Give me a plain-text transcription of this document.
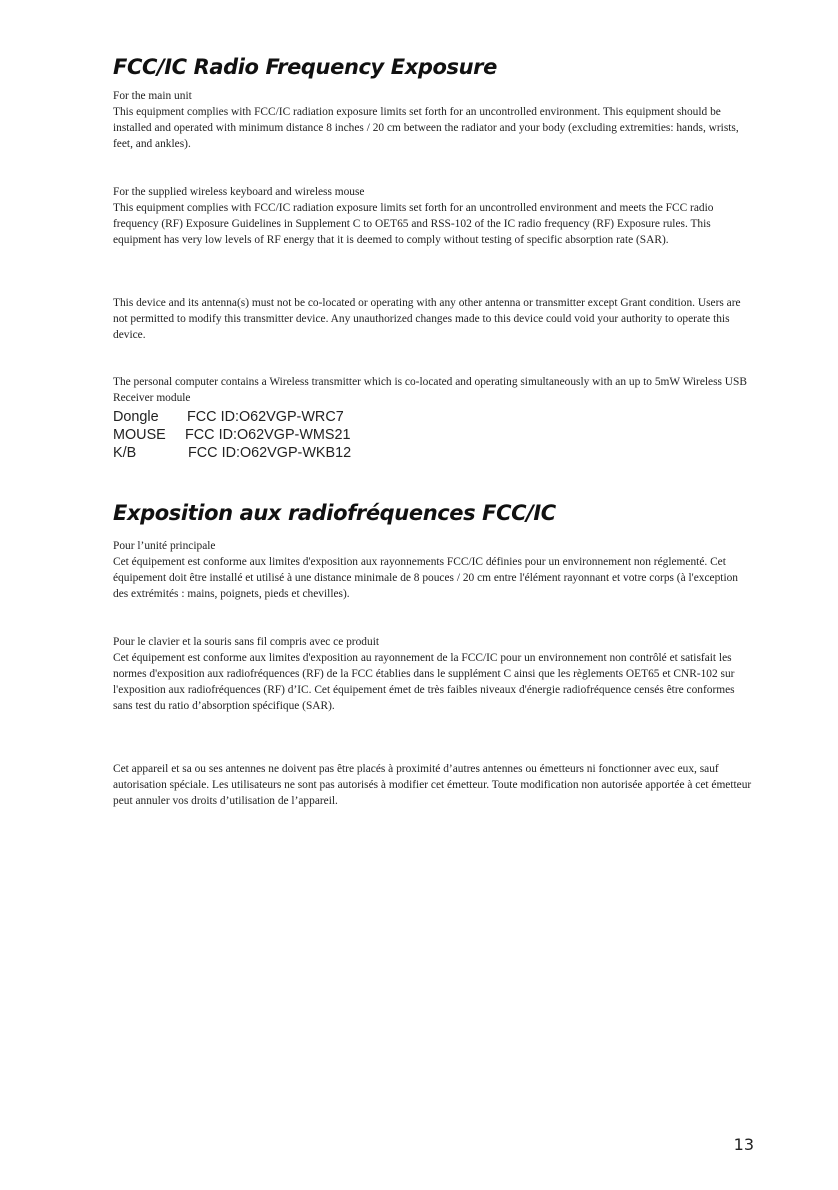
FCC/IC Radio Frequency Exposure

For the main unit

This equipment complies with FCC/IC radiation exposure limits set forth for an uncontrolled environment. This equipment should be installed and operated with minimum distance 8 inches / 20 cm between the radiator and your body (excluding extremities: hands, wrists, feet, and ankles).

For the supplied wireless keyboard and wireless mouse

This equipment complies with FCC/IC radiation exposure limits set forth for an uncontrolled environment and meets the FCC radio frequency (RF) Exposure Guidelines in Supplement C to OET65 and RSS-102 of the IC radio frequency (RF) Exposure rules. This equipment has very low levels of RF energy that it is deemed to comply without testing of specific absorption rate (SAR).

This device and its antenna(s) must not be co-located or operating with any other antenna or transmitter except Grant condition. Users are not permitted to modify this transmitter device. Any unauthorized changes made to this device could void your authority to operate this device.

The personal computer contains a Wireless transmitter which is co-located and operating simultaneously with an up to 5mW Wireless USB Receiver module

Dongle	FCC ID:O62VGP-WRC7
MOUSE	FCC ID:O62VGP-WMS21
K/B	FCC ID:O62VGP-WKB12
Exposition aux radiofréquences FCC/IC

Pour l’unité principale

Cet équipement est conforme aux limites d'exposition aux rayonnements FCC/IC définies pour un environnement non réglementé. Cet équipement doit être installé et utilisé à une distance minimale de 8 pouces / 20 cm entre l'élément rayonnant et votre corps (à l'exception des extrémités : mains, poignets, pieds et chevilles).

Pour le clavier et la souris sans fil compris avec ce produit

Cet équipement est conforme aux limites d'exposition au rayonnement de la FCC/IC pour un environnement non contrôlé et satisfait les normes d'exposition aux radiofréquences (RF) de la FCC établies dans le supplément C ainsi que les règlements OET65 et CNR-102 sur l'exposition aux radiofréquences (RF) d’IC. Cet équipement émet de très faibles niveaux d'énergie radiofréquence censés être conformes sans test du ratio d’absorption spécifique (SAR).

Cet appareil et sa ou ses antennes ne doivent pas être placés à proximité d’autres antennes ou émetteurs ni fonctionner avec eux, sauf autorisation spéciale. Les utilisateurs ne sont pas autorisés à modifier cet émetteur. Toute modification non autorisée apportée à cet émetteur peut annuler vos droits d’utilisation de l’appareil.

13
